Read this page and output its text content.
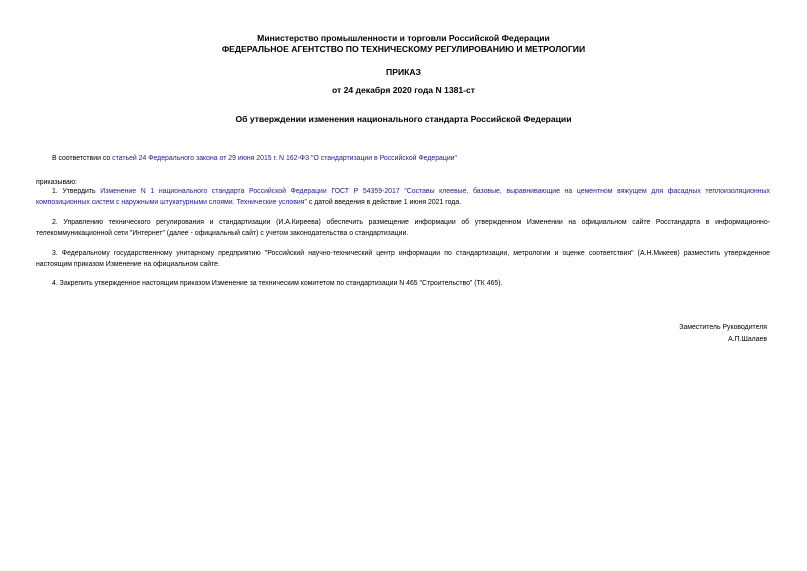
Министерство промышленности и торговли Российской Федерации
ФЕДЕРАЛЬНОЕ АГЕНТСТВО ПО ТЕХНИЧЕСКОМУ РЕГУЛИРОВАНИЮ И МЕТРОЛОГИИ
ПРИКАЗ
от 24 декабря 2020 года N 1381-ст
Об утверждении изменения национального стандарта Российской Федерации
В соответствии со статьей 24 Федерального закона от 29 июня 2015 г. N 162-ФЗ "О стандартизации в Российской Федерации"
приказываю:
1. Утвердить Изменение N 1 национального стандарта Российской Федерации ГОСТ Р 54359-2017 "Составы клеевые, базовые, выравнивающие на цементном вяжущем для фасадных теплоизоляционных
композиционных систем с наружными штукатурными слоями. Технические условия" с датой введения в действие 1 июня 2021 года.
2. Управлению технического регулирования и стандартизации (И.А.Киреева) обеспечить размещение информации об утвержденном Изменении на официальном сайте Росстандарта в информационно-
телекоммуникационной сети "Интернет" (далее - официальный сайт) с учетом законодательства о стандартизации.
3. Федеральному государственному унитарному предприятию "Российский научно-технический центр информации по стандартизации, метрологии и оценке соответствия" (А.Н.Микеев) разместить утвержденное
настоящим приказом Изменение на официальном сайте.
4. Закрепить утвержденное настоящим приказом Изменение за техническим комитетом по стандартизации N 465 "Строительство" (ТК 465).
Заместитель Руководителя
А.П.Шалаев
